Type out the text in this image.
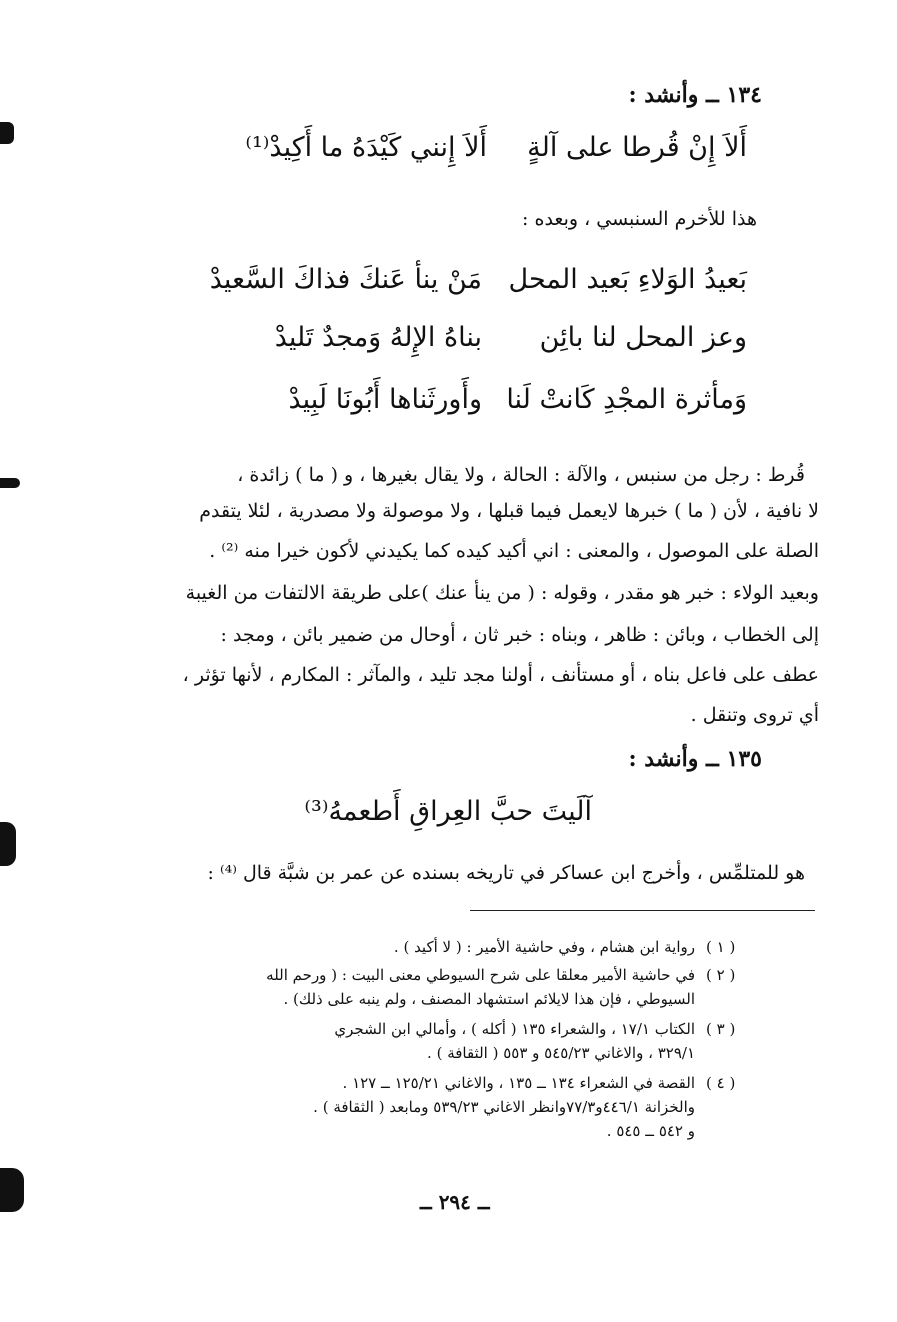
١٣٤ ــ وأنشد :
أَلاَ إِنْ قُرطا على آلةٍ
أَلاَ إِنني كَيْدَهُ ما أَكِيدْ⁽¹⁾
هذا للأخرم السنبسي ، وبعده :
بَعيدُ الوَلاءِ بَعيد المحل
مَنْ ينأ عَنكَ فذاكَ السَّعيدْ
وعز المحل لنا بائِن
بناهُ الإِلهُ وَمجدٌ تَليدْ
وَمأثرة المجْدِ كَانتْ لَنا
وأَورثَناها أَبُونَا لَبِيدْ
قُرط : رجل من سنبس ، والآلة : الحالة ، ولا يقال بغيرها ، و ( ما ) زائدة ،
لا نافية ، لأن ( ما ) خبرها لايعمل فيما قبلها ، ولا موصولة ولا مصدرية ، لئلا يتقدم
الصلة على الموصول ، والمعنى : اني أكيد كيده كما يكيدني لأكون خيرا منه ⁽²⁾ .
وبعيد الولاء : خبر هو مقدر ، وقوله : ( من ينأ عنك )على طريقة الالتفات من الغيبة
إلى الخطاب ، وبائن : ظاهر ، وبناه : خبر ثان ، أوحال من ضمير بائن ، ومجد :
عطف على فاعل بناه ، أو مستأنف ، أولنا مجد تليد ، والمآثر : المكارم ، لأنها تؤثر ،
أي تروى وتنقل .
١٣٥ ــ وأنشد :
آلَيتَ حبَّ العِراقِ أَطعمهُ⁽³⁾
هو للمتلمِّس ، وأخرج ابن عساكر في تاريخه بسنده عن عمر بن شبَّة قال ⁽⁴⁾ :
( ١ )
رواية ابن هشام ، وفي حاشية الأمير : ( لا أكيد ) .
( ٢ )
في حاشية الأمير معلقا على شرح السيوطي معنى البيت : ( ورحم الله
السيوطي ، فإن هذا لايلائم استشهاد المصنف ، ولم ينبه على ذلك) .
( ٣ )
الكتاب ١٧/١ ، والشعراء ١٣٥ ( أكله ) ، وأمالي ابن الشجري
٣٢٩/١ ، والاغاني ٥٤٥/٢٣ و ٥٥٣ ( الثقافة ) .
( ٤ )
القصة في الشعراء ١٣٤ ــ ١٣٥ ، والاغاني ١٢٥/٢١ ــ ١٢٧ .
والخزانة ٤٤٦/١و٧٧/٣وانظر الاغاني ٥٣٩/٢٣ ومابعد ( الثقافة ) .
و ٥٤٢ ــ ٥٤٥ .
ــ ٢٩٤ ــ
